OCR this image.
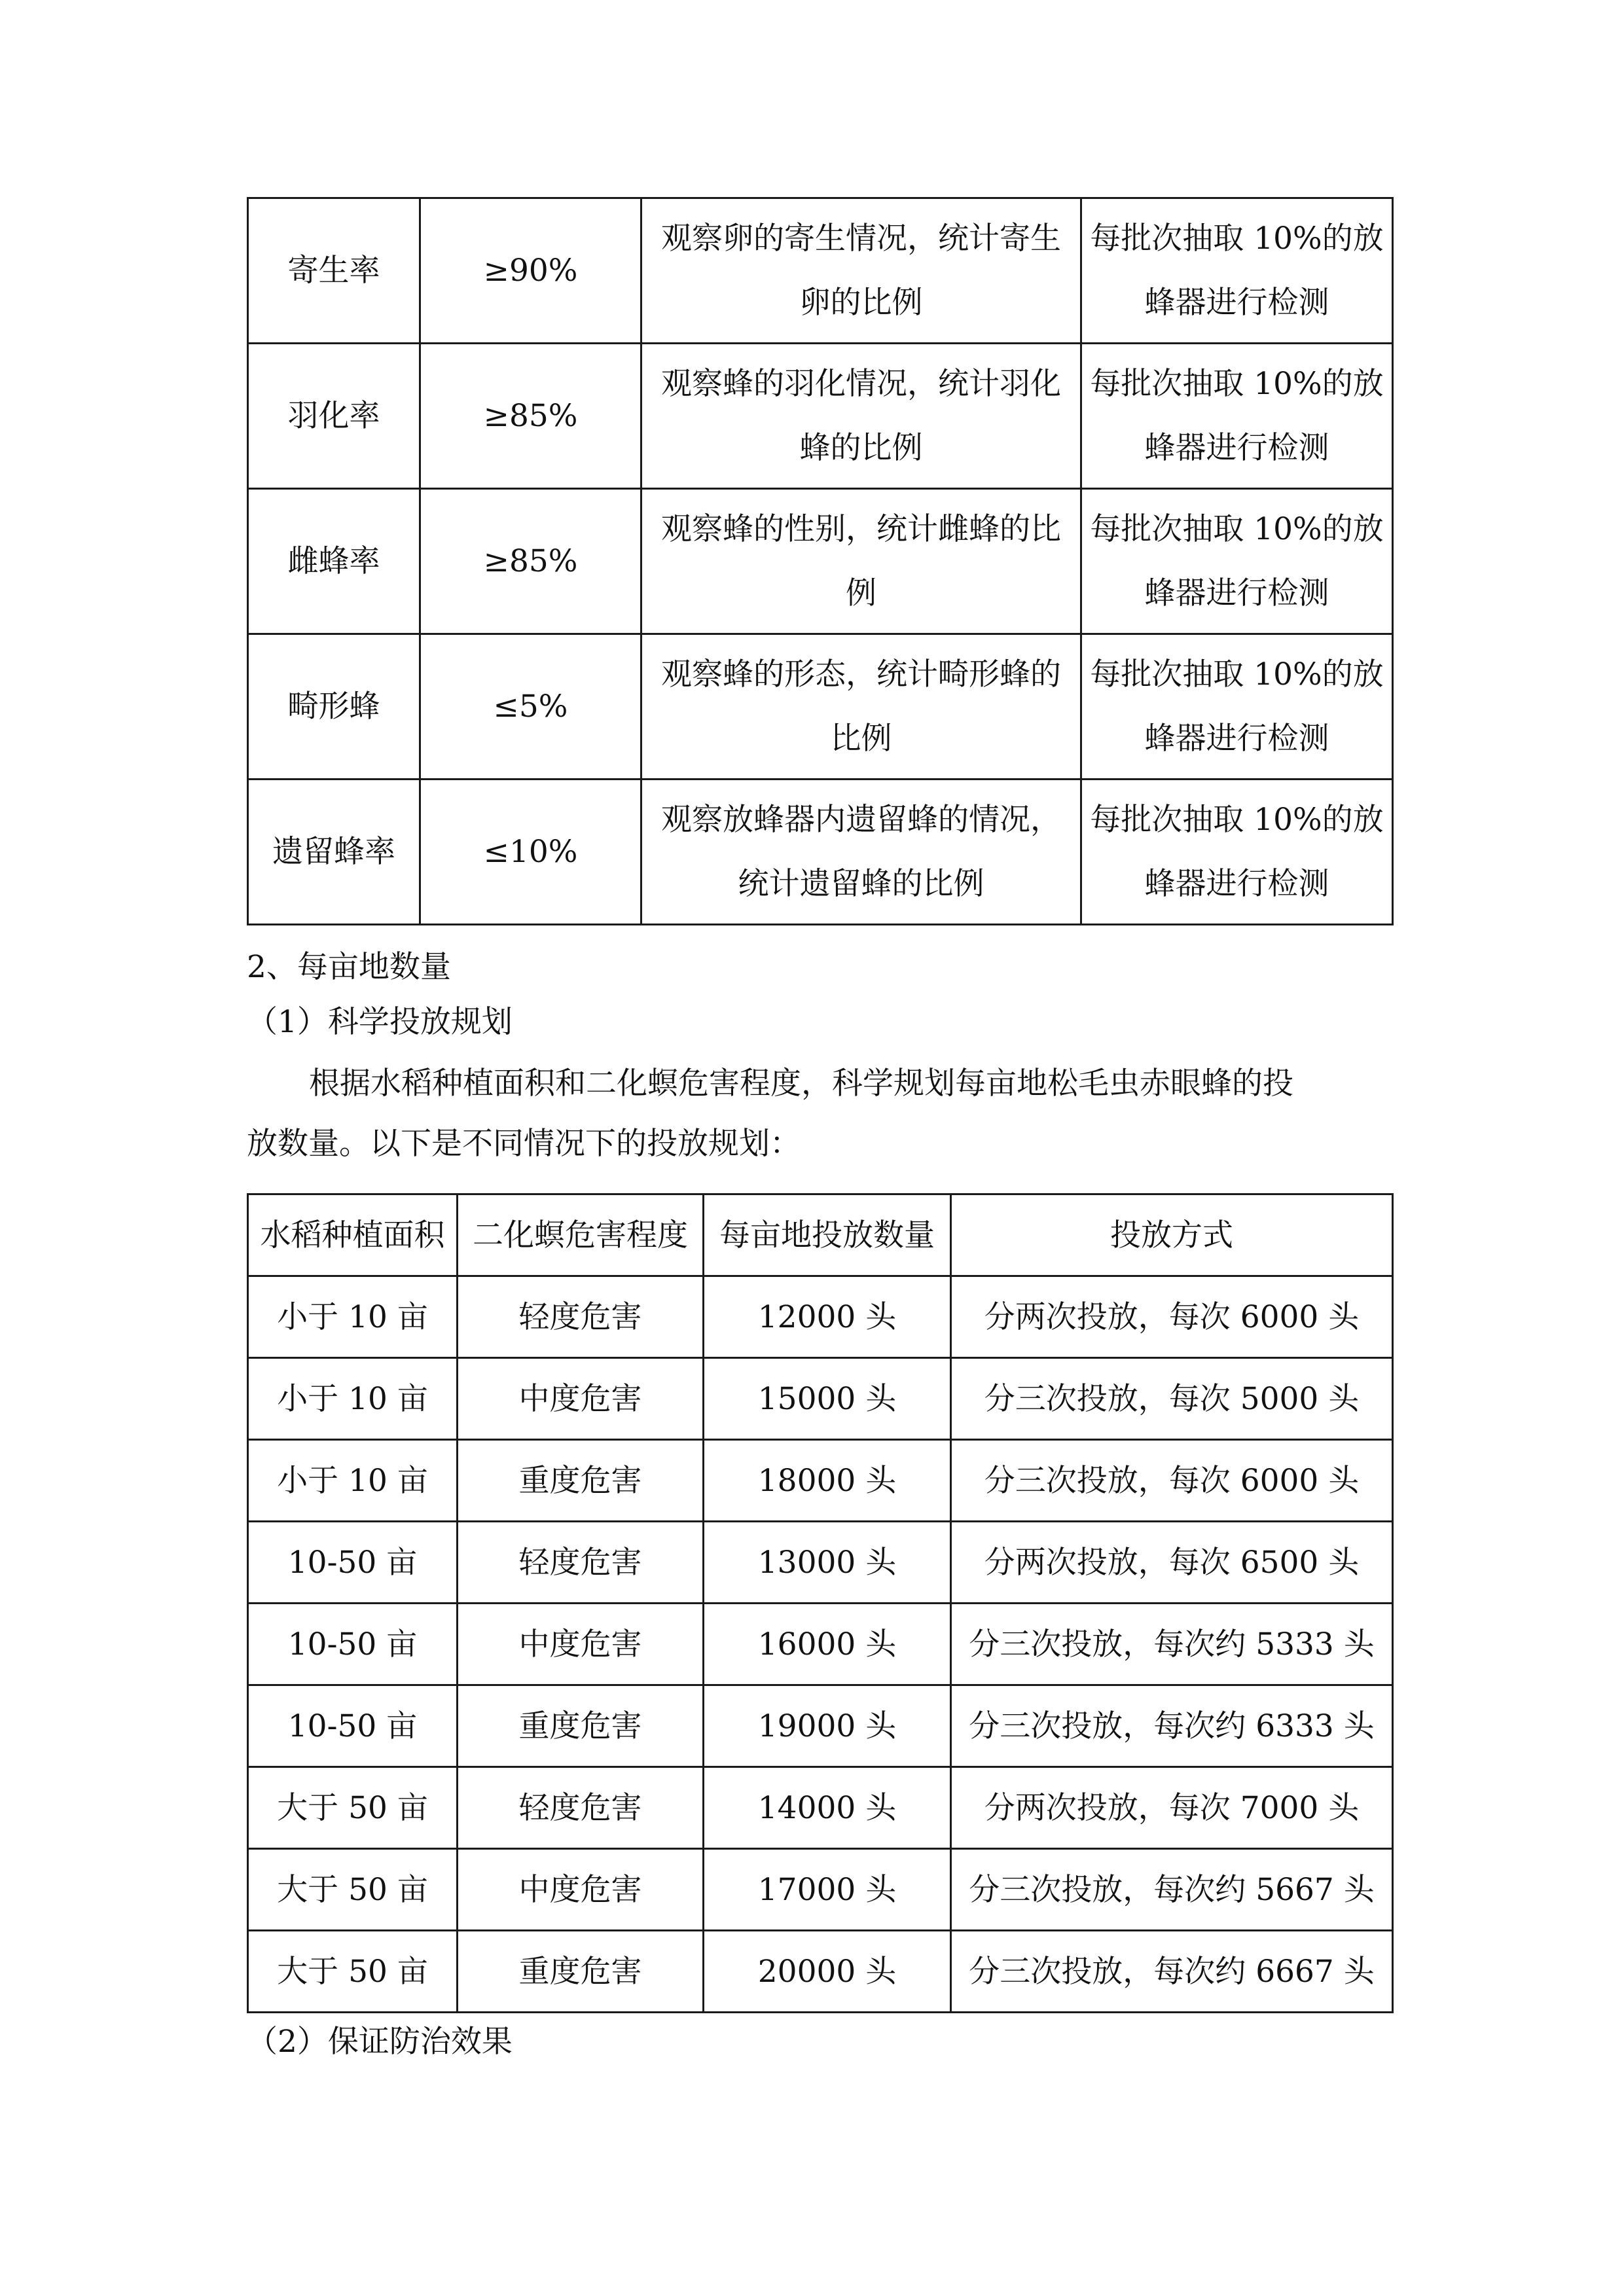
寄生率	≥90%	观察卵的寄生情况，统计寄生卵的比例	每批次抽取 10%的放蜂器进行检测
羽化率	≥85%	观察蜂的羽化情况，统计羽化蜂的比例	每批次抽取 10%的放蜂器进行检测
雌蜂率	≥85%	观察蜂的性别，统计雌蜂的比例	每批次抽取 10%的放蜂器进行检测
畸形蜂	≤5%	观察蜂的形态，统计畸形蜂的比例	每批次抽取 10%的放蜂器进行检测
遗留蜂率	≤10%	观察放蜂器内遗留蜂的情况，统计遗留蜂的比例	每批次抽取 10%的放蜂器进行检测
2、每亩地数量
（1）科学投放规划
根据水稻种植面积和二化螟危害程度，科学规划每亩地松毛虫赤眼蜂的投
放数量。以下是不同情况下的投放规划：
水稻种植面积	二化螟危害程度	每亩地投放数量	投放方式
小于 10 亩	轻度危害	12000 头	分两次投放，每次 6000 头
小于 10 亩	中度危害	15000 头	分三次投放，每次 5000 头
小于 10 亩	重度危害	18000 头	分三次投放，每次 6000 头
10-50 亩	轻度危害	13000 头	分两次投放，每次 6500 头
10-50 亩	中度危害	16000 头	分三次投放，每次约 5333 头
10-50 亩	重度危害	19000 头	分三次投放，每次约 6333 头
大于 50 亩	轻度危害	14000 头	分两次投放，每次 7000 头
大于 50 亩	中度危害	17000 头	分三次投放，每次约 5667 头
大于 50 亩	重度危害	20000 头	分三次投放，每次约 6667 头
（2）保证防治效果
